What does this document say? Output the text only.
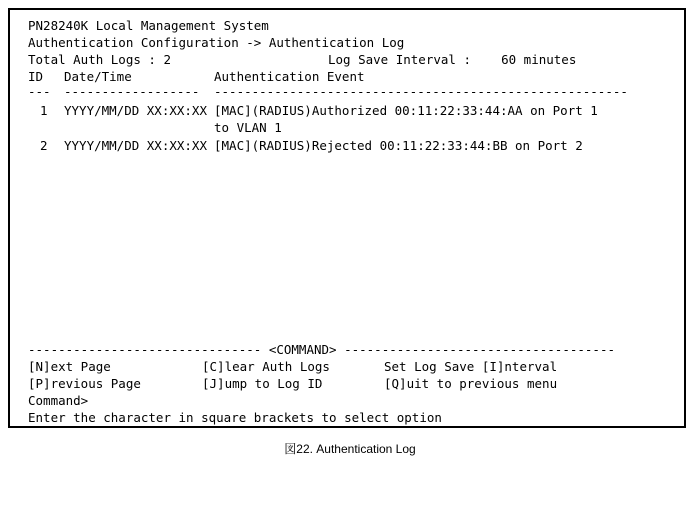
PN28240K Local Management System
Authentication Configuration -> Authentication Log
Total Auth Logs : 2	Log Save Interval :    60 minutes
ID Date/Time	Authentication Event
--- ------------------ -------------------------------------------------------
1 YYYY/MM/DD XX:XX:XX [MAC](RADIUS)Authorized 00:11:22:33:44:AA on Port 1
to VLAN 1
2 YYYY/MM/DD XX:XX:XX [MAC](RADIUS)Rejected 00:11:22:33:44:BB on Port 2
------------------------------- <COMMAND> ------------------------------------
[N]ext Page	[C]lear Auth Logs	Set Log Save [I]nterval
[P]revious Page	[J]ump to Log ID	[Q]uit to previous menu
Command>
Enter the character in square brackets to select option
図22. Authentication Log
